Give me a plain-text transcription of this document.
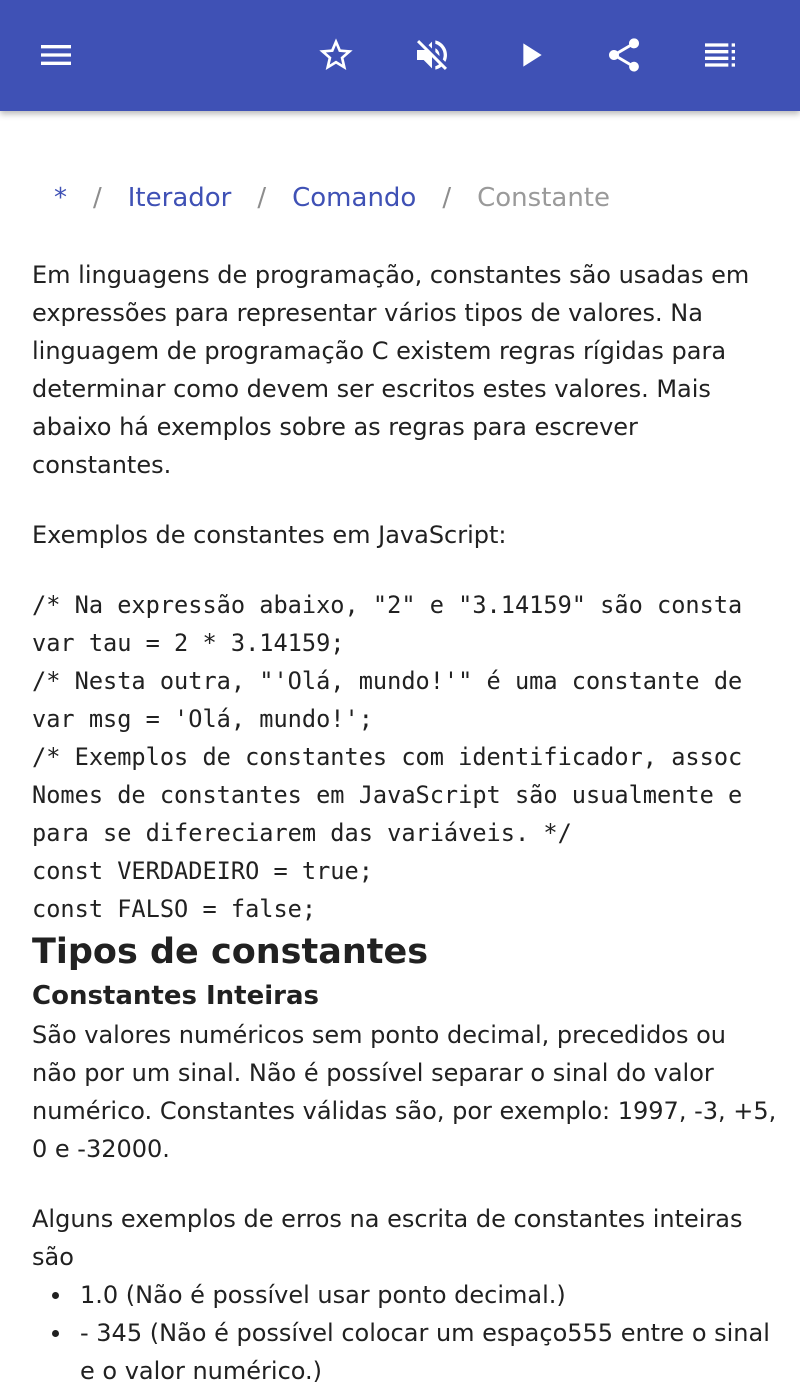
* / Iterador / Comando / Constante

Em linguagens de programação, constantes são usadas em expressões para representar vários tipos de valores. Na linguagem de programação C existem regras rígidas para determinar como devem ser escritos estes valores. Mais abaixo há exemplos sobre as regras para escrever constantes.

Exemplos de constantes em JavaScript:

/* Na expressão abaixo, "2" e "3.14159" são consta
var tau = 2 * 3.14159;
/* Nesta outra, "'Olá, mundo!'" é uma constante de
var msg = 'Olá, mundo!';
/* Exemplos de constantes com identificador, assoc
Nomes de constantes em JavaScript são usualmente e
para se difereciarem das variáveis. */
const VERDADEIRO = true;
const FALSO = false;
Tipos de constantes
Constantes Inteiras

São valores numéricos sem ponto decimal, precedidos ou não por um sinal. Não é possível separar o sinal do valor numérico. Constantes válidas são, por exemplo: 1997, -3, +5, 0 e -32000.

Alguns exemplos de erros na escrita de constantes inteiras são

1.0 (Não é possível usar ponto decimal.)
- 345 (Não é possível colocar um espaço555 entre o sinal e o valor numérico.)
